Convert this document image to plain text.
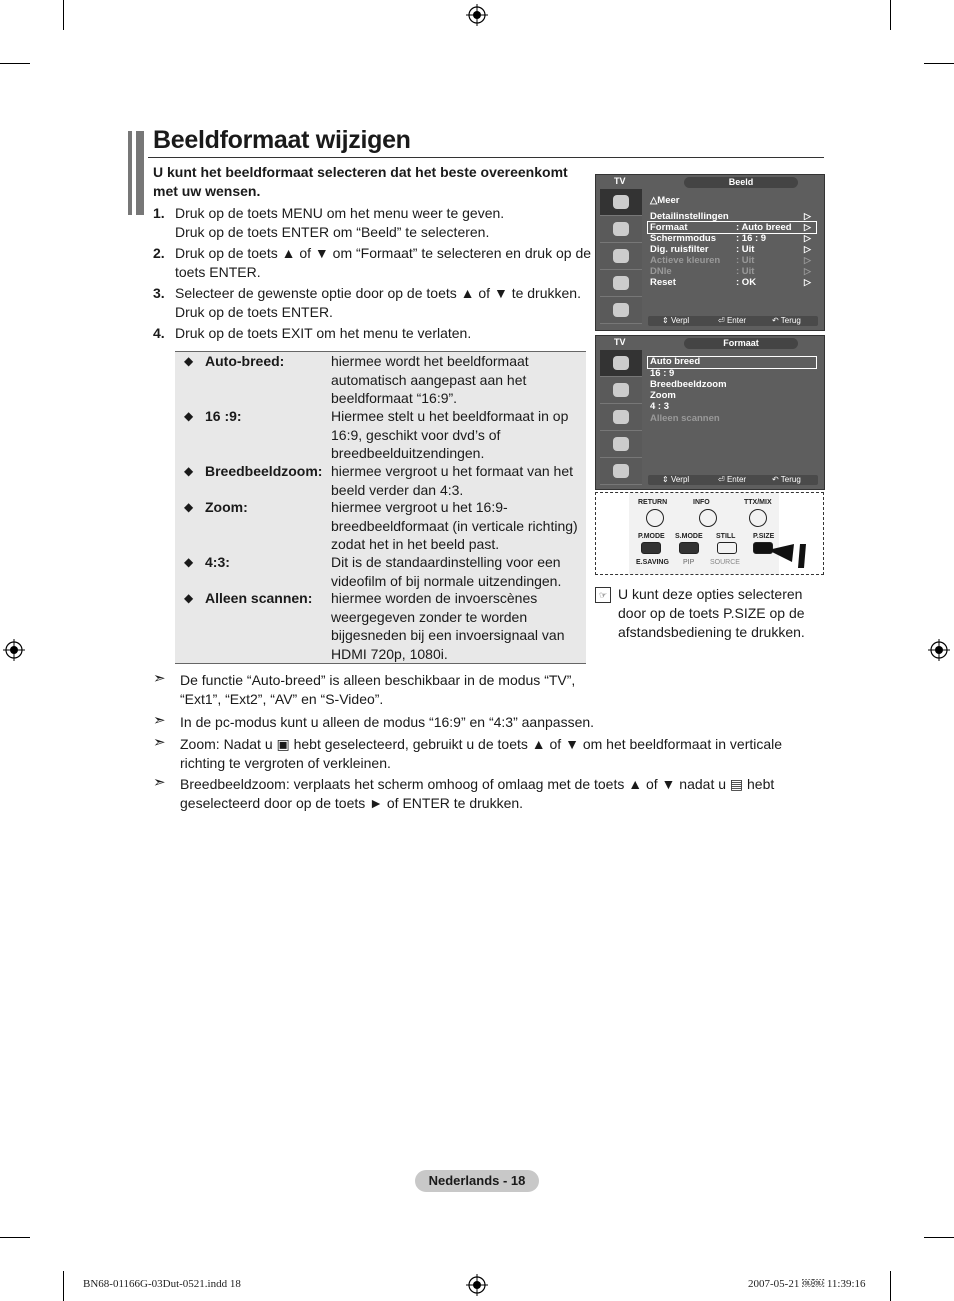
Beeldformaat wijzigen
U kunt het beeldformaat selecteren dat het beste overeenkomt met uw wensen.
1. Druk op de toets MENU om het menu weer te geven.

Druk op de toets ENTER om “Beeld” te selecteren.

2. Druk op de toets ▲ of ▼ om “Formaat” te selecteren en druk op de toets ENTER.

3. Selecteer de gewenste optie door op de toets ▲ of ▼ te drukken.

Druk op de toets ENTER.

4. Druk op de toets EXIT om het menu te verlaten.

◆ Auto-breed:	hiermee wordt het beeldformaat automatisch aangepast aan het beeldformaat “16:9”.
◆ 16 :9:	Hiermee stelt u het beeldformaat in op 16:9, geschikt voor dvd’s of breedbeelduitzendingen.
◆ Breedbeeldzoom: hiermee vergroot u het formaat van het beeld verder dan 4:3.
◆ Zoom:	hiermee vergroot u het 16:9-breedbeeldformaat (in verticale richting) zodat het in het beeld past.
◆ 4:3:	Dit is de standaardinstelling voor een videofilm of bij normale uitzendingen.
◆ Alleen scannen: hiermee worden de invoerscènes weergegeven zonder te worden bijgesneden bij een invoersignaal van HDMI 720p, 1080i.
➣	De functie “Auto-breed” is alleen beschikbaar in de modus “TV”, “Ext1”, “Ext2”, “AV” en “S-Video”.
➣	In de pc-modus kunt u alleen de modus “16:9” en “4:3” aanpassen.
➣	Zoom: Nadat u ▣ hebt geselecteerd, gebruikt u de toets ▲ of ▼ om het beeldformaat in verticale richting te vergroten of verkleinen.
➣	Breedbeeldzoom: verplaats het scherm omhoog of omlaag met de toets ▲ of ▼ nadat u ▤ hebt geselecteerd door op de toets ► of ENTER te drukken.
TV	Beeld
△Meer
Detailinstellingen	▷
Formaat	: Auto breed ▷
Schermmodus : 16 : 9	▷
Dig. ruisfilter	: Uit	▷
Actieve kleuren : Uit	▷
DNIe	: Uit	▷
Reset	: OK	▷
⇕ Verpl	⏎ Enter	↶ Terug
TV	Formaat
Auto breed
16 : 9
Breedbeeldzoom
Zoom
4 : 3
Alleen scannen
⇕ Verpl	⏎ Enter	↶ Terug
RETURN	INFO	TTX/MIX
P.MODE S.MODE STILL	P.SIZE
E.SAVING PIP SOURCE
☞ U kunt deze opties selecteren door op de toets P.SIZE op de afstandsbediening te drukken.
Nederlands - 18
BN68-01166G-03Dut-0521.indd 18	2007-05-21 ￼￼ 11:39:16
